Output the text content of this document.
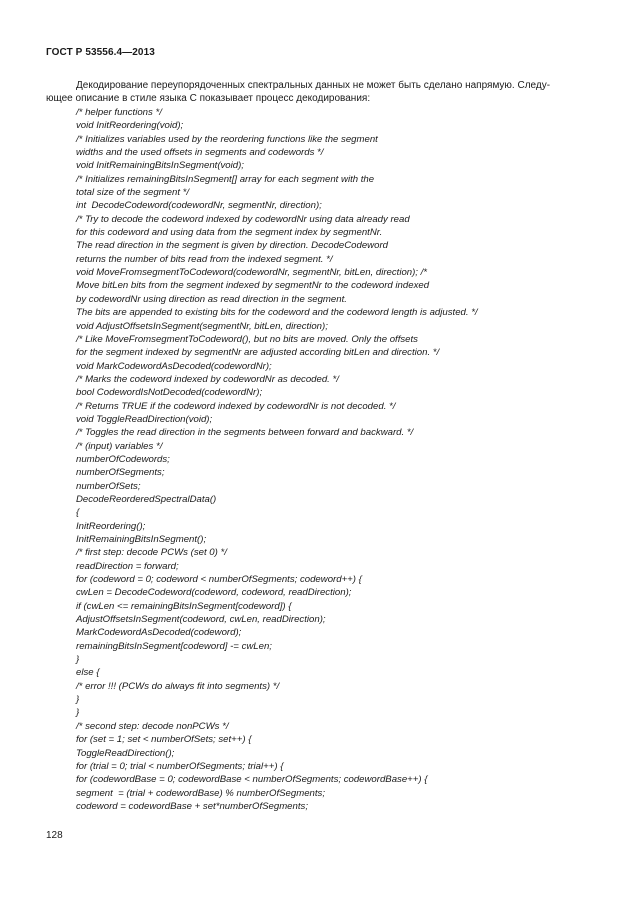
ГОСТ Р 53556.4—2013
Декодирование переупорядоченных спектральных данных не может быть сделано напрямую. Следу-
ющее описание в стиле языка C показывает процесс декодирования:
/* helper functions */
void InitReordering(void);
/* Initializes variables used by the reordering functions like the segment
widths and the used offsets in segments and codewords */
void InitRemainingBitsInSegment(void);
/* Initializes remainingBitsInSegment[] array for each segment with the
total size of the segment */
int  DecodeCodeword(codewordNr, segmentNr, direction);
/* Try to decode the codeword indexed by codewordNr using data already read
for this codeword and using data from the segment index by segmentNr.
The read direction in the segment is given by direction. DecodeCodeword
returns the number of bits read from the indexed segment. */
void MoveFromsegmentToCodeword(codewordNr, segmentNr, bitLen, direction); /*
Move bitLen bits from the segment indexed by segmentNr to the codeword indexed
by codewordNr using direction as read direction in the segment.
The bits are appended to existing bits for the codeword and the codeword length is adjusted. */
void AdjustOffsetsInSegment(segmentNr, bitLen, direction);
/* Like MoveFromsegmentToCodeword(), but no bits are moved. Only the offsets
for the segment indexed by segmentNr are adjusted according bitLen and direction. */
void MarkCodewordAsDecoded(codewordNr);
/* Marks the codeword indexed by codewordNr as decoded. */
bool CodewordIsNotDecoded(codewordNr);
/* Returns TRUE if the codeword indexed by codewordNr is not decoded. */
void ToggleReadDirection(void);
/* Toggles the read direction in the segments between forward and backward. */
/* (input) variables */
numberOfCodewords;
numberOfSegments;
numberOfSets;
DecodeReorderedSpectralData()
{
InitReordering();
InitRemainingBitsInSegment();
/* first step: decode PCWs (set 0) */
readDirection = forward;
for (codeword = 0; codeword < numberOfSegments; codeword++) {
cwLen = DecodeCodeword(codeword, codeword, readDirection);
if (cwLen <= remainingBitsInSegment[codeword]) {
AdjustOffsetsInSegment(codeword, cwLen, readDirection);
MarkCodewordAsDecoded(codeword);
remainingBitsInSegment[codeword] -= cwLen;
}
else {
/* error !!! (PCWs do always fit into segments) */
}
}
/* second step: decode nonPCWs */
for (set = 1; set < numberOfSets; set++) {
ToggleReadDirection();
for (trial = 0; trial < numberOfSegments; trial++) {
for (codewordBase = 0; codewordBase < numberOfSegments; codewordBase++) {
segment  = (trial + codewordBase) % numberOfSegments;
codeword = codewordBase + set*numberOfSegments;
128
